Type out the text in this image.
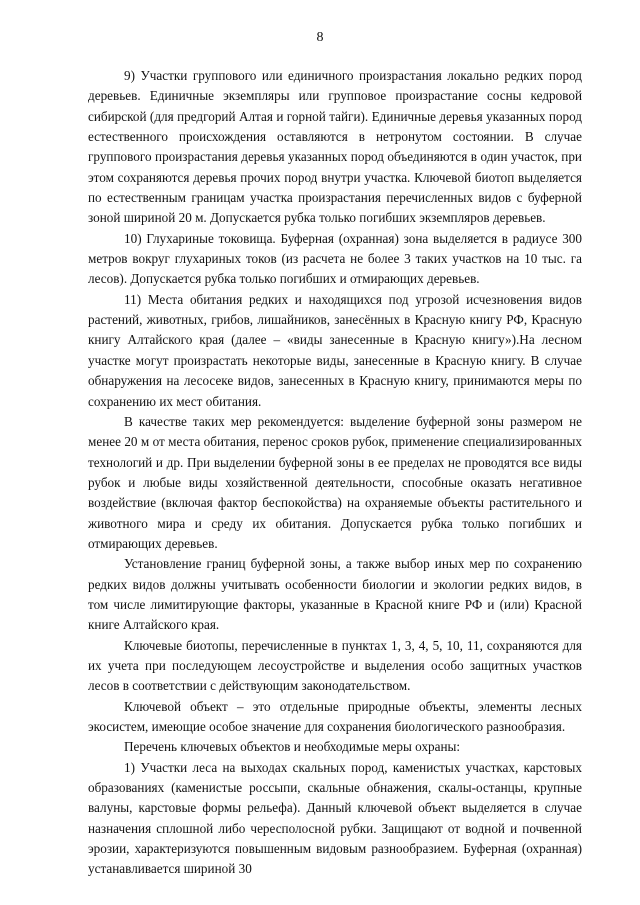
8

9) Участки группового или единичного произрастания локально редких пород деревьев. Единичные экземпляры или групповое произрастание сосны кедровой сибирской (для предгорий Алтая и горной тайги). Единичные деревья указанных пород естественного происхождения оставляются в нетронутом состоянии. В случае группового произрастания деревья указанных пород объединяются в один участок, при этом сохраняются деревья прочих пород внутри участка. Ключевой биотоп выделяется по естественным границам участка произрастания перечисленных видов с буферной зоной шириной 20 м. Допускается рубка только погибших экземпляров деревьев.

10) Глухариные токовища. Буферная (охранная) зона выделяется в радиусе 300 метров вокруг глухариных токов (из расчета не более 3 таких участков на 10 тыс. га лесов). Допускается рубка только погибших и отмирающих деревьев.

11) Места обитания редких и находящихся под угрозой исчезновения видов растений, животных, грибов, лишайников, занесённых в Красную книгу РФ, Красную книгу Алтайского края (далее – «виды занесенные в Красную книгу»).На лесном участке могут произрастать некоторые виды, занесенные в Красную книгу. В случае обнаружения на лесосеке видов, занесенных в Красную книгу, принимаются меры по сохранению их мест обитания.

В качестве таких мер рекомендуется: выделение буферной зоны размером не менее 20 м от места обитания, перенос сроков рубок, применение специализированных технологий и др. При выделении буферной зоны в ее пределах не проводятся все виды рубок и любые виды хозяйственной деятельности, способные оказать негативное воздействие (включая фактор беспокойства) на охраняемые объекты растительного и животного мира и среду их обитания. Допускается рубка только погибших и отмирающих деревьев.

Установление границ буферной зоны, а также выбор иных мер по сохранению редких видов должны учитывать особенности биологии и экологии редких видов, в том числе лимитирующие факторы, указанные в Красной книге РФ и (или) Красной книге Алтайского края.

Ключевые биотопы, перечисленные в пунктах 1, 3, 4, 5, 10, 11, сохраняются для их учета при последующем лесоустройстве и выделения особо защитных участков лесов в соответствии с действующим законодательством.

Ключевой объект – это отдельные природные объекты, элементы лесных экосистем, имеющие особое значение для сохранения биологического разнообразия.

Перечень ключевых объектов и необходимые меры охраны:

1) Участки леса на выходах скальных пород, каменистых участках, карстовых образованиях (каменистые россыпи, скальные обнажения, скалы-останцы, крупные валуны, карстовые формы рельефа). Данный ключевой объект выделяется в случае назначения сплошной либо чересполосной рубки. Защищают от водной и почвенной эрозии, характеризуются повышенным видовым разнообразием. Буферная (охранная) устанавливается шириной 30
